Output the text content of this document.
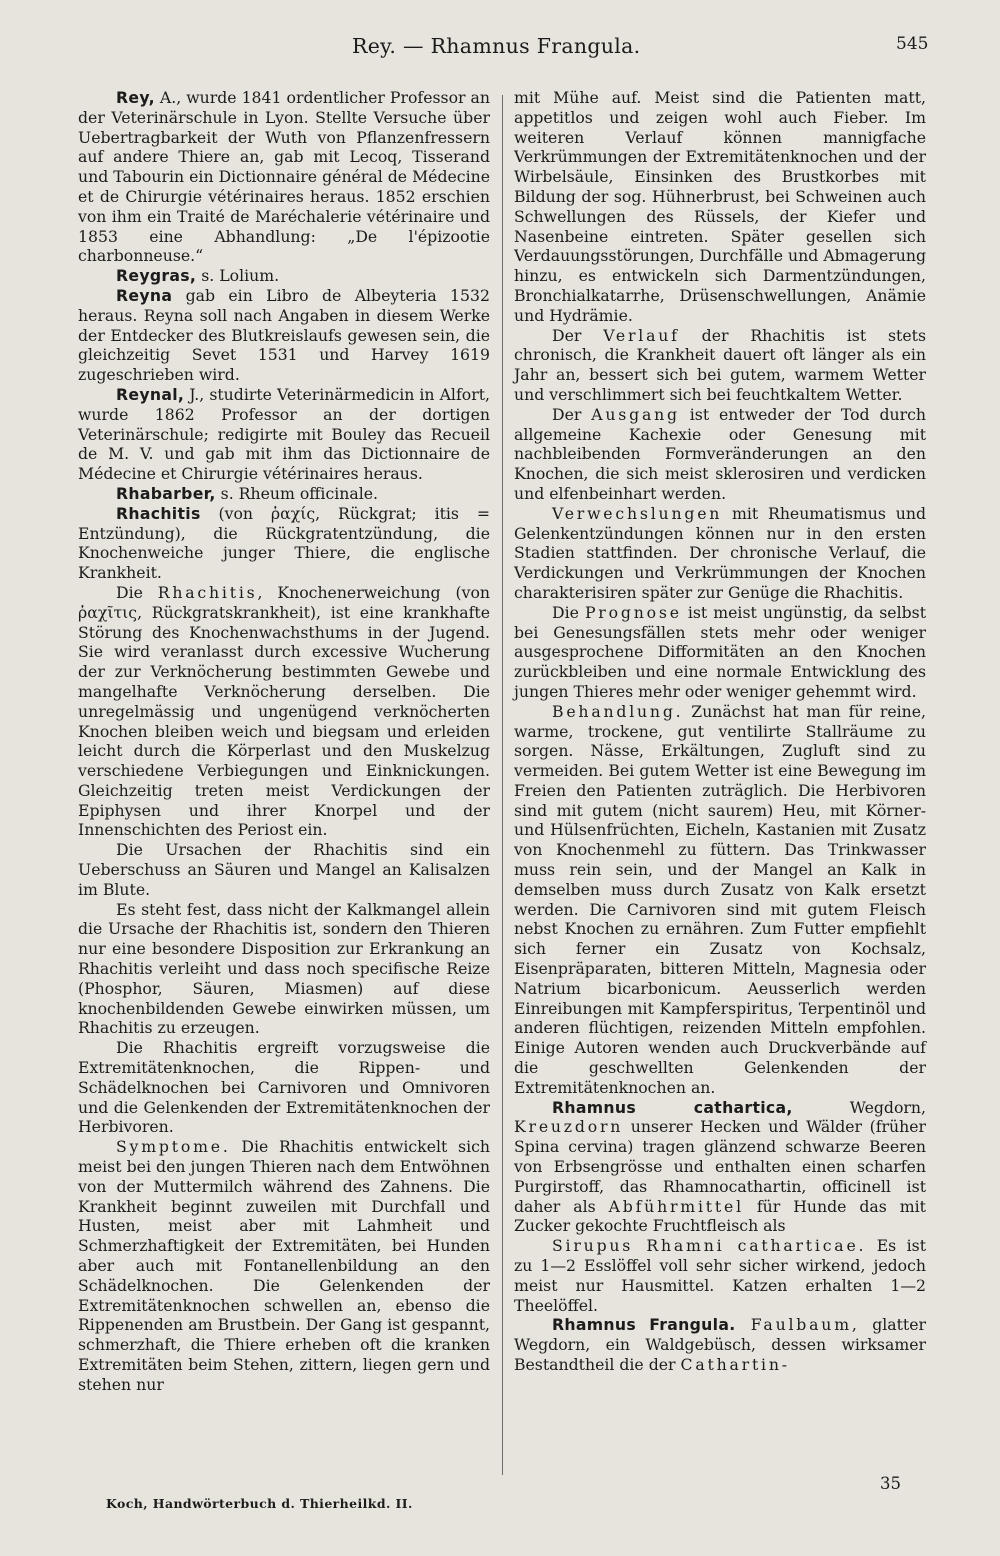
Rey. — Rhamnus Frangula.	545

Rey, A., wurde 1841 ordentlicher Professor an der Veterinärschule in Lyon. Stellte Versuche über Uebertragbarkeit der Wuth von Pflanzenfressern auf andere Thiere an, gab mit Lecoq, Tisserand und Tabourin ein Dictionnaire général de Médecine et de Chirurgie vétérinaires heraus. 1852 erschien von ihm ein Traité de Maréchalerie vétérinaire und 1853 eine Abhandlung: „De l'épizootie charbonneuse.“

Reygras, s. Lolium.

Reyna gab ein Libro de Albeyteria 1532 heraus. Reyna soll nach Angaben in diesem Werke der Entdecker des Blutkreislaufs gewesen sein, die gleichzeitig Sevet 1531 und Harvey 1619 zugeschrieben wird.

Reynal, J., studirte Veterinärmedicin in Alfort, wurde 1862 Professor an der dortigen Veterinärschule; redigirte mit Bouley das Recueil de M. V. und gab mit ihm das Dictionnaire de Médecine et Chirurgie vétérinaires heraus.

Rhabarber, s. Rheum officinale.

Rhachitis (von ῥαχίς, Rückgrat; itis = Entzündung), die Rückgratentzündung, die Knochenweiche junger Thiere, die englische Krankheit.

Die Rhachitis, Knochenerweichung (von ῥαχῖτις, Rückgratskrankheit), ist eine krankhafte Störung des Knochenwachsthums in der Jugend. Sie wird veranlasst durch excessive Wucherung der zur Verknöcherung bestimmten Gewebe und mangelhafte Verknöcherung derselben. Die unregelmässig und ungenügend verknöcherten Knochen bleiben weich und biegsam und erleiden leicht durch die Körperlast und den Muskelzug verschiedene Verbiegungen und Einknickungen. Gleichzeitig treten meist Verdickungen der Epiphysen und ihrer Knorpel und der Innenschichten des Periost ein.

Die Ursachen der Rhachitis sind ein Ueberschuss an Säuren und Mangel an Kalisalzen im Blute.

Es steht fest, dass nicht der Kalkmangel allein die Ursache der Rhachitis ist, sondern den Thieren nur eine besondere Disposition zur Erkrankung an Rhachitis verleiht und dass noch specifische Reize (Phosphor, Säuren, Miasmen) auf diese knochenbildenden Gewebe einwirken müssen, um Rhachitis zu erzeugen.

Die Rhachitis ergreift vorzugsweise die Extremitätenknochen, die Rippen- und Schädelknochen bei Carnivoren und Omnivoren und die Gelenkenden der Extremitätenknochen der Herbivoren.

Symptome. Die Rhachitis entwickelt sich meist bei den jungen Thieren nach dem Entwöhnen von der Muttermilch während des Zahnens. Die Krankheit beginnt zuweilen mit Durchfall und Husten, meist aber mit Lahmheit und Schmerzhaftigkeit der Extremitäten, bei Hunden aber auch mit Fontanellenbildung an den Schädelknochen. Die Gelenkenden der Extremitätenknochen schwellen an, ebenso die Rippenenden am Brustbein. Der Gang ist gespannt, schmerzhaft, die Thiere erheben oft die kranken Extremitäten beim Stehen, zittern, liegen gern und stehen nur

mit Mühe auf. Meist sind die Patienten matt, appetitlos und zeigen wohl auch Fieber. Im weiteren Verlauf können mannigfache Verkrümmungen der Extremitätenknochen und der Wirbelsäule, Einsinken des Brustkorbes mit Bildung der sog. Hühnerbrust, bei Schweinen auch Schwellungen des Rüssels, der Kiefer und Nasenbeine eintreten. Später gesellen sich Verdauungsstörungen, Durchfälle und Abmagerung hinzu, es entwickeln sich Darmentzündungen, Bronchialkatarrhe, Drüsenschwellungen, Anämie und Hydrämie.

Der Verlauf der Rhachitis ist stets chronisch, die Krankheit dauert oft länger als ein Jahr an, bessert sich bei gutem, warmem Wetter und verschlimmert sich bei feuchtkaltem Wetter.

Der Ausgang ist entweder der Tod durch allgemeine Kachexie oder Genesung mit nachbleibenden Formveränderungen an den Knochen, die sich meist sklerosiren und verdicken und elfenbeinhart werden.

Verwechslungen mit Rheumatismus und Gelenkentzündungen können nur in den ersten Stadien stattfinden. Der chronische Verlauf, die Verdickungen und Verkrümmungen der Knochen charakterisiren später zur Genüge die Rhachitis.

Die Prognose ist meist ungünstig, da selbst bei Genesungsfällen stets mehr oder weniger ausgesprochene Difformitäten an den Knochen zurückbleiben und eine normale Entwicklung des jungen Thieres mehr oder weniger gehemmt wird.

Behandlung. Zunächst hat man für reine, warme, trockene, gut ventilirte Stallräume zu sorgen. Nässe, Erkältungen, Zugluft sind zu vermeiden. Bei gutem Wetter ist eine Bewegung im Freien den Patienten zuträglich. Die Herbivoren sind mit gutem (nicht saurem) Heu, mit Körner- und Hülsenfrüchten, Eicheln, Kastanien mit Zusatz von Knochenmehl zu füttern. Das Trinkwasser muss rein sein, und der Mangel an Kalk in demselben muss durch Zusatz von Kalk ersetzt werden. Die Carnivoren sind mit gutem Fleisch nebst Knochen zu ernähren. Zum Futter empfiehlt sich ferner ein Zusatz von Kochsalz, Eisenpräparaten, bitteren Mitteln, Magnesia oder Natrium bicarbonicum. Aeusserlich werden Einreibungen mit Kampferspiritus, Terpentinöl und anderen flüchtigen, reizenden Mitteln empfohlen. Einige Autoren wenden auch Druckverbände auf die geschwellten Gelenkenden der Extremitätenknochen an.

Rhamnus cathartica, Wegdorn, Kreuzdorn unserer Hecken und Wälder (früher Spina cervina) tragen glänzend schwarze Beeren von Erbsengrösse und enthalten einen scharfen Purgirstoff, das Rhamnocathartin, officinell ist daher als Abführmittel für Hunde das mit Zucker gekochte Fruchtfleisch als

Sirupus Rhamni catharticae. Es ist zu 1—2 Esslöffel voll sehr sicher wirkend, jedoch meist nur Hausmittel. Katzen erhalten 1—2 Theelöffel.

Rhamnus Frangula. Faulbaum, glatter Wegdorn, ein Waldgebüsch, dessen wirksamer Bestandtheil die der Cathartin-

35
Koch, Handwörterbuch d. Thierheilkd. II.
